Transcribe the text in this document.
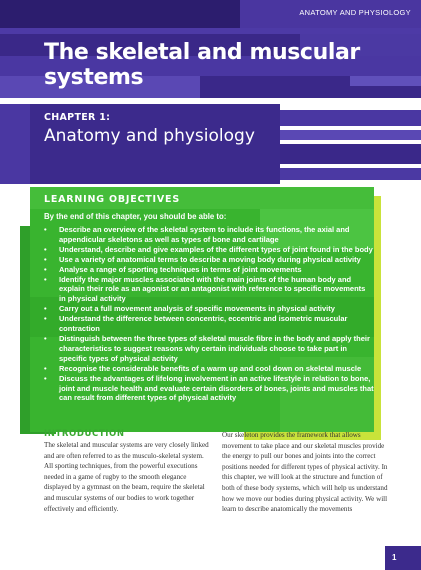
ANATOMY AND PHYSIOLOGY
The skeletal and muscular systems
CHAPTER 1:
Anatomy and physiology
LEARNING OBJECTIVES
By the end of this chapter, you should be able to:
• Describe an overview of the skeletal system to include its functions, the axial and appendicular skeletons as well as types of bone and cartilage
• Understand, describe and give examples of the different types of joint found in the body
• Use a variety of anatomical terms to describe a moving body during physical activity
• Analyse a range of sporting techniques in terms of joint movements
• Identify the major muscles associated with the main joints of the human body and explain their role as an agonist or an antagonist with reference to specific movements in physical activity
• Carry out a full movement analysis of specific movements in physical activity
• Understand the difference between concentric, eccentric and isometric muscular contraction
• Distinguish between the three types of skeletal muscle fibre in the body and apply their characteristics to suggest reasons why certain individuals choose to take part in specific types of physical activity
• Recognise the considerable benefits of a warm up and cool down on skeletal muscle
• Discuss the advantages of lifelong involvement in an active lifestyle in relation to bone, joint and muscle health and evaluate certain disorders of bones, joints and muscles that can result from different types of physical activity
INTRODUCTION

The skeletal and muscular systems are very closely linked and are often referred to as the musculo-skeletal system. All sporting techniques, from the powerful executions needed in a game of rugby to the smooth elegance displayed by a gymnast on the beam, require the skeletal and muscular systems of our bodies to work together effectively and efficiently.

Our skeleton provides the framework that allows movement to take place and our skeletal muscles provide the energy to pull our bones and joints into the correct positions needed for different types of physical activity. In this chapter, we will look at the structure and function of both of these body systems, which will help us understand how we move our bodies during physical activity. We will learn to describe anatomically the movements

1
